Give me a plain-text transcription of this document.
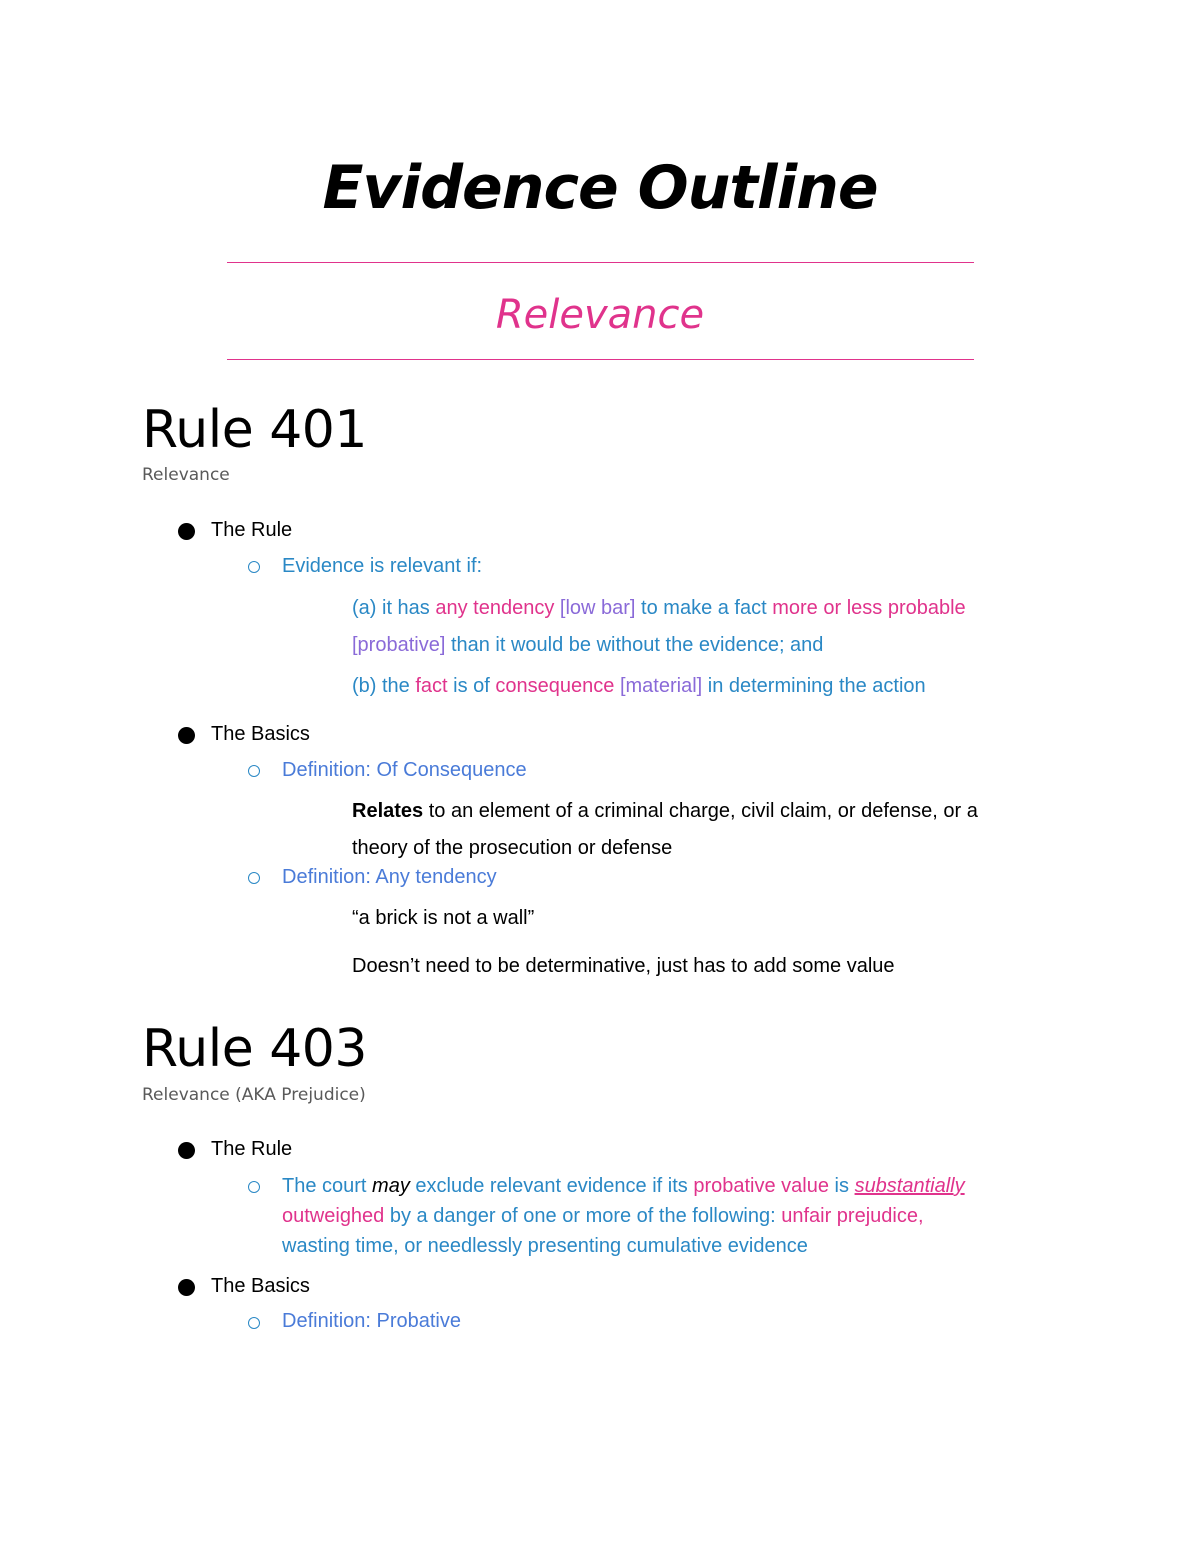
Evidence Outline
Relevance
Rule 401
Relevance
The Rule
Evidence is relevant if:
(a) it has any tendency [low bar] to make a fact more or less probable
[probative] than it would be without the evidence; and
(b) the fact is of consequence [material] in determining the action
The Basics
Definition: Of Consequence
Relates to an element of a criminal charge, civil claim, or defense, or a
theory of the prosecution or defense
Definition: Any tendency
“a brick is not a wall”
Doesn’t need to be determinative, just has to add some value
Rule 403
Relevance (AKA Prejudice)
The Rule
The court may exclude relevant evidence if its probative value is substantially
outweighed by a danger of one or more of the following: unfair prejudice,
wasting time, or needlessly presenting cumulative evidence
The Basics
Definition: Probative
